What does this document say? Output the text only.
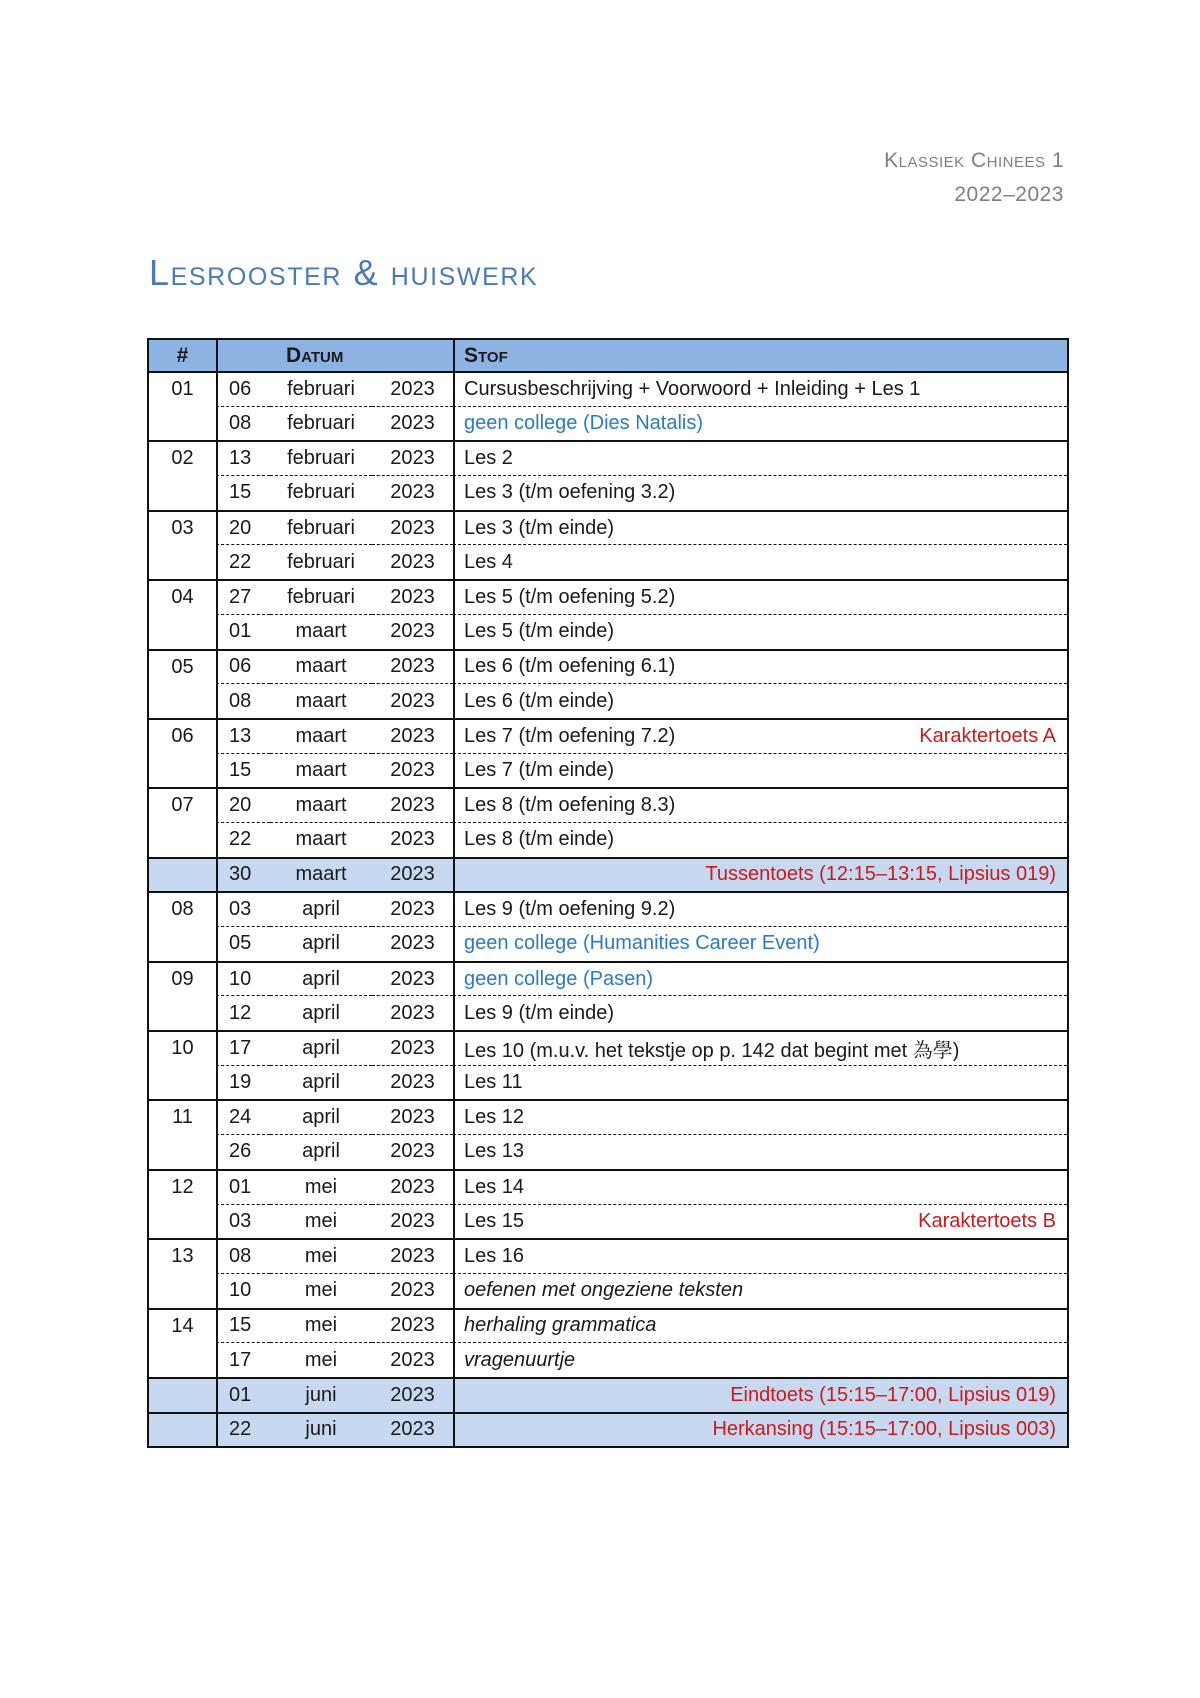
Klassiek Chinees 1
2022–2023
Lesrooster & huiswerk
#	Datum	Stof
01	06	februari	2023	Cursusbeschrijving + Voorwoord + Inleiding + Les 1
08	februari	2023	geen college (Dies Natalis)
02	13	februari	2023	Les 2
15	februari	2023	Les 3 (t/m oefening 3.2)
03	20	februari	2023	Les 3 (t/m einde)
22	februari	2023	Les 4
04	27	februari	2023	Les 5 (t/m oefening 5.2)
01	maart	2023	Les 5 (t/m einde)
05	06	maart	2023	Les 6 (t/m oefening 6.1)
08	maart	2023	Les 6 (t/m einde)
06	13	maart	2023	Les 7 (t/m oefening 7.2)	Karaktertoets A
15	maart	2023	Les 7 (t/m einde)
07	20	maart	2023	Les 8 (t/m oefening 8.3)
22	maart	2023	Les 8 (t/m einde)
30	maart	2023	Tussentoets (12:15–13:15, Lipsius 019)
08	03	april	2023	Les 9 (t/m oefening 9.2)
05	april	2023	geen college (Humanities Career Event)
09	10	april	2023	geen college (Pasen)
12	april	2023	Les 9 (t/m einde)
10	17	april	2023	Les 10 (m.u.v. het tekstje op p. 142 dat begint met 為學)
19	april	2023	Les 11
11	24	april	2023	Les 12
26	april	2023	Les 13
12	01	mei	2023	Les 14
03	mei	2023	Les 15	Karaktertoets B
13	08	mei	2023	Les 16
10	mei	2023	oefenen met ongeziene teksten
14	15	mei	2023	herhaling grammatica
17	mei	2023	vragenuurtje
01	juni	2023	Eindtoets (15:15–17:00, Lipsius 019)
22	juni	2023	Herkansing (15:15–17:00, Lipsius 003)
